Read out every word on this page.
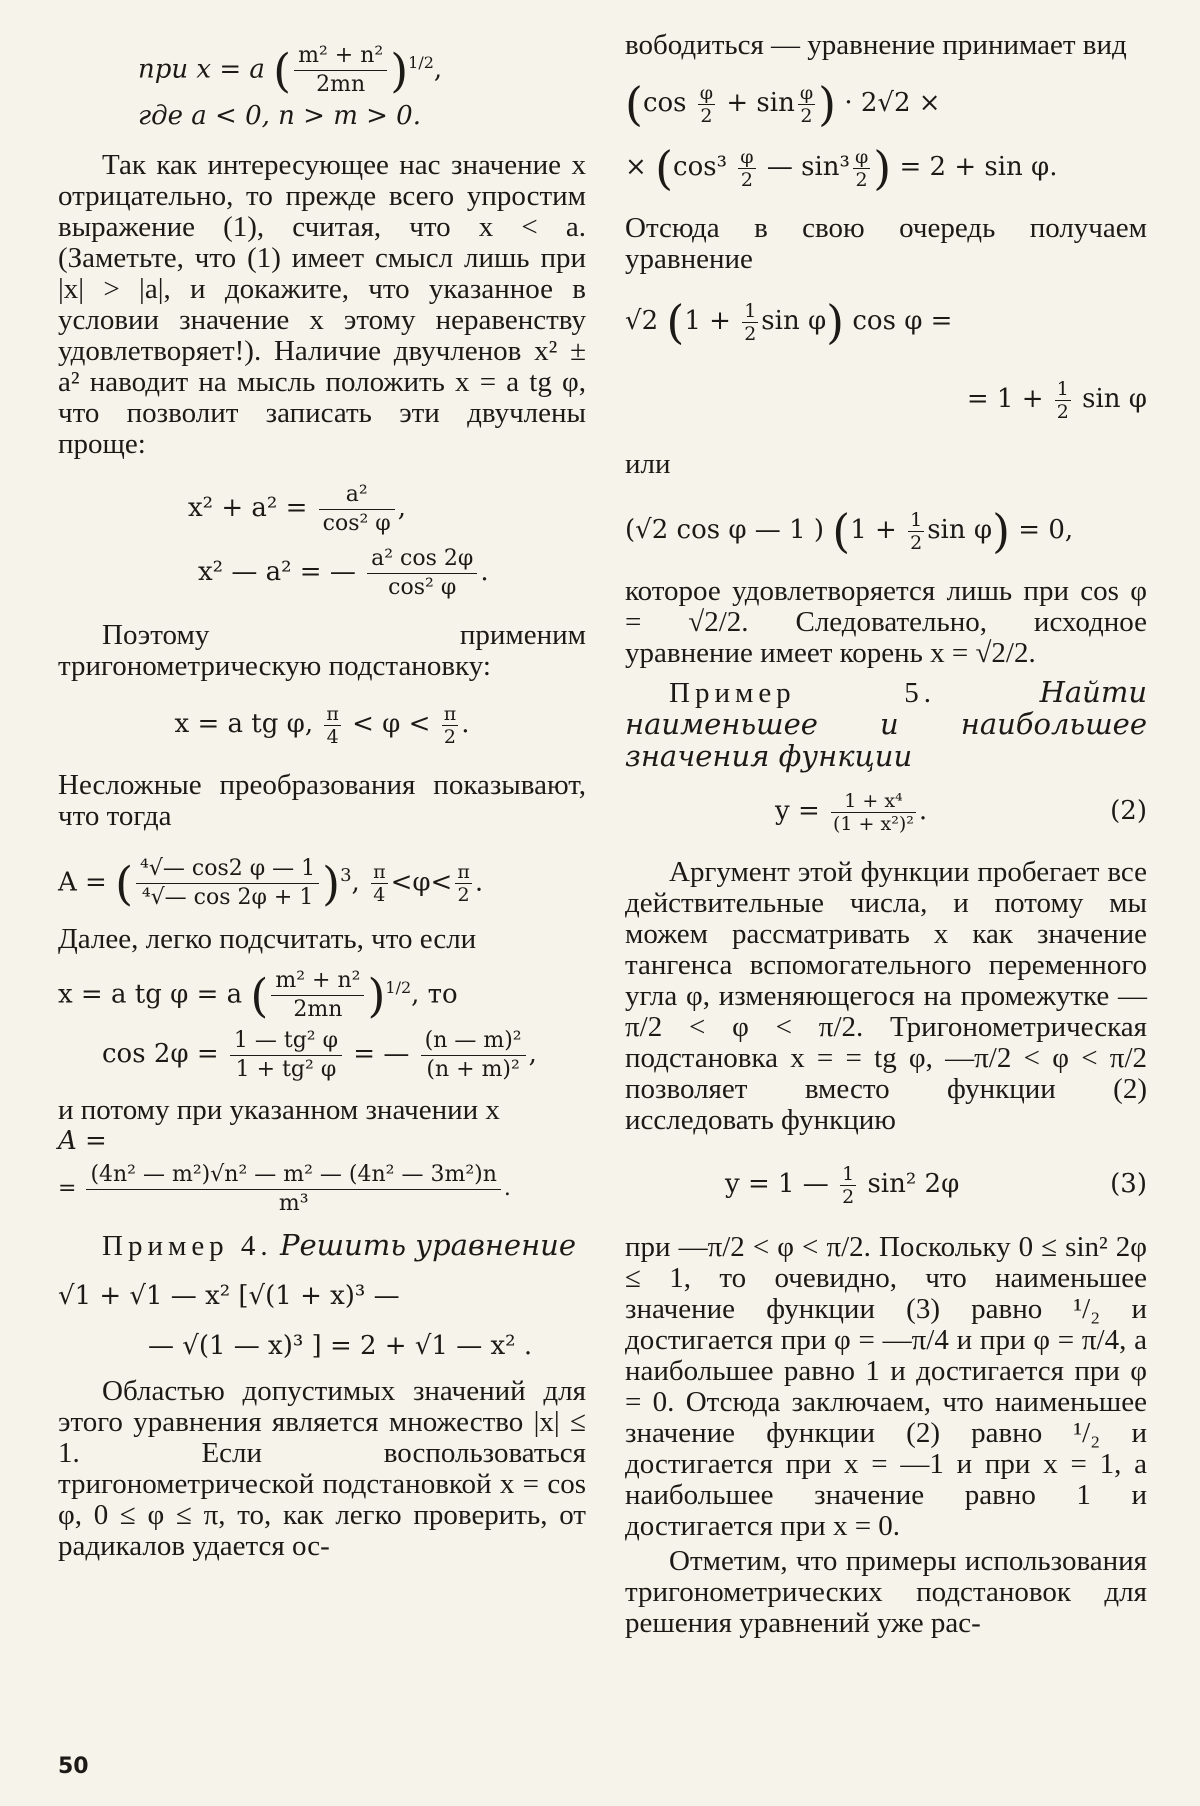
при x = a ( $\frac{\text{m² + n²}}{2mn} )^{1/2}$,

где a < 0, n > m > 0.

Так как интересующее нас значение x отрицательно, то прежде всего упростим выражение (1), считая, что x < a. (Заметьте, что (1) имеет смысл лишь при |x| > |a|, и докажите, что указанное в условии значение x этому неравенству удовлетворяет!). Наличие двучленов x² ± a² наводит на мысль положить x = a tg φ, что позволит записать эти двучлены проще:

$x^2 + a^2 = \frac{\text{a²}}{\text{cos² φ}}$ ,
x² — a² = — $\frac{\text{a² cos 2φ}}{\text{cos² φ}}$ .

Поэтому применим тригонометрическую подстановку:

x = a tg φ, $\frac{\pi}{4} < \varphi < \frac{\pi}{2}$ .

Несложные преобразования показывают, что тогда

A = ( $\frac{\text{⁴√— cos2 φ — 1}}{\text{⁴√— cos 2φ + 1}} )^3$, $\frac{\pi}{4} <\varphi< \frac{\pi}{2}$ .

Далее, легко подсчитать, что если

x = a tg φ = a ( $\frac{\text{m² + n²}}{2mn} )^{1/2}$, то
$\cos 2\varphi = \frac{\text{1 — tg² φ}}{\text{1 + tg² φ}}$ = — $\frac{\text{(n — m)²}}{\text{(n + m)²}}$ ,

и потому при указанном значении x

A =

= $\frac{\text{(4n² — m²)√n² — m² — (4n² — 3m²)n}}{\text{m³}}$ .

Пример 4. Решить уравнение

√1 + √1 — x² [√(1 + x)³ —

— √(1 — x)³ ] = 2 + √1 — x² .

Областью допустимых значений для этого уравнения является множество |x| ≤ 1. Если воспользоваться тригонометрической подстановкой x = cos φ, 0 ≤ φ ≤ π, то, как легко проверить, от радикалов удается ос-

вободиться — уравнение принимает вид

($\cos \frac{\varphi}{2} + \sin \frac{\varphi}{2}$ ) · 2√2 ×
× ($\cos^3 \frac{\varphi}{2}$ — $\sin^3 \frac{\varphi}{2}$ ) = 2 + sin φ.

Отсюда в свою очередь получаем уравнение

√2 ($1 + \frac{1}{2}$ sin φ) cos φ =
= $1 + \frac{1}{2}$ sin φ

или

(√2 cos φ — 1 ) ($1 + \frac{1}{2}$ sin φ) = 0,

которое удовлетворяется лишь при cos φ = √2/2. Следовательно, исходное уравнение имеет корень x = √2/2.

Пример 5.	Найти наименьшее и наибольшее значения функции

$y = \frac{\text{1 + x⁴}}{\text{(1 + x²)²}}$ .	(2)

Аргумент этой функции пробегает все действительные числа, и потому мы можем рассматривать x как значение тангенса вспомогательного переменного угла φ, изменяющегося на промежутке —π/2 < φ < π/2. Тригонометрическая подстановка x = = tg φ, —π/2 < φ < π/2 позволяет вместо функции (2) исследовать функцию

y = 1 — $\frac{1}{2} \sin^2$ 2φ	(3)

при —π/2 < φ < π/2. Поскольку 0 ≤ sin² 2φ ≤ 1, то очевидно, что наименьшее значение функции (3) равно ¹/₂ и достигается при φ = —π/4 и при φ = π/4, а наибольшее равно 1 и достигается при φ = 0. Отсюда заключаем, что наименьшее значение функции (2) равно ¹/₂ и достигается при x = —1 и при x = 1, а наибольшее значение равно 1 и достигается при x = 0.

Отметим, что примеры использования тригонометрических подстановок для решения уравнений уже рас-

50
